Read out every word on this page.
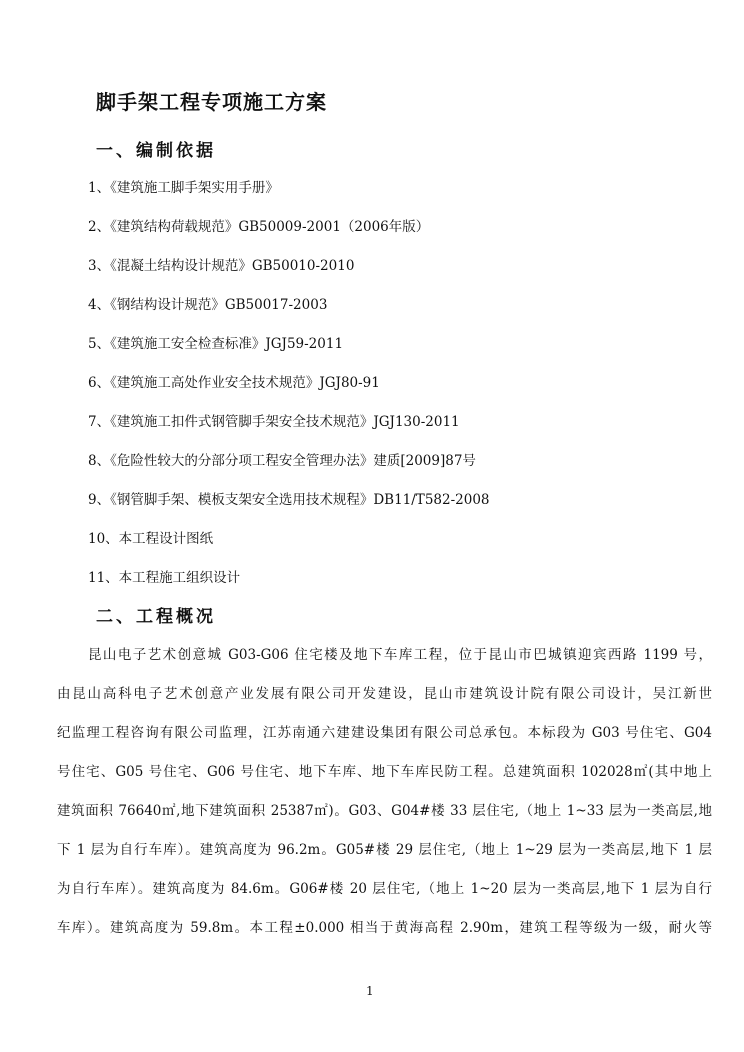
脚手架工程专项施工方案
一、编制依据
1、《建筑施工脚手架实用手册》
2、《建筑结构荷载规范》GB50009-2001（2006年版）
3、《混凝土结构设计规范》GB50010-2010
4、《钢结构设计规范》GB50017-2003
5、《建筑施工安全检查标准》JGJ59-2011
6、《建筑施工高处作业安全技术规范》JGJ80-91
7、《建筑施工扣件式钢管脚手架安全技术规范》JGJ130-2011
8、《危险性较大的分部分项工程安全管理办法》建质[2009]87号
9、《钢管脚手架、模板支架安全选用技术规程》DB11/T582-2008
10、本工程设计图纸
11、本工程施工组织设计
二、工程概况
昆山电子艺术创意城 G03-G06 住宅楼及地下车库工程，位于昆山市巴城镇迎宾西路 1199 号，
由昆山高科电子艺术创意产业发展有限公司开发建设，昆山市建筑设计院有限公司设计，吴江新世
纪监理工程咨询有限公司监理，江苏南通六建建设集团有限公司总承包。本标段为 G03 号住宅、G04
号住宅、G05 号住宅、G06 号住宅、地下车库、地下车库民防工程。总建筑面积 102028㎡(其中地上
建筑面积 76640㎡,地下建筑面积 25387㎡)。G03、G04#楼 33 层住宅,（地上 1~33 层为一类高层,地
下 1 层为自行车库）。建筑高度为 96.2m。G05#楼 29 层住宅,（地上 1~29 层为一类高层,地下 1 层
为自行车库）。建筑高度为 84.6m。G06#楼 20 层住宅,（地上 1~20 层为一类高层,地下 1 层为自行
车库）。建筑高度为 59.8m。本工程±0.000 相当于黄海高程 2.90m，建筑工程等级为一级，耐火等
1
